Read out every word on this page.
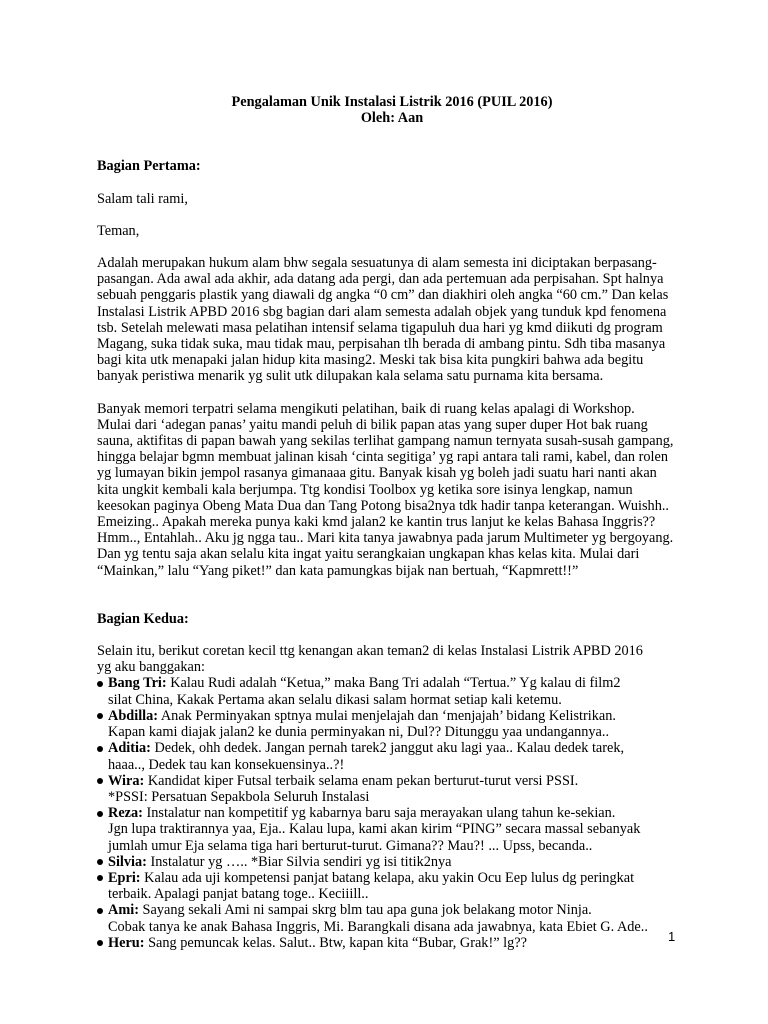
Pengalaman Unik Instalasi Listrik 2016 (PUIL 2016)

Oleh: Aan

Bagian Pertama:

Salam tali rami,

Teman,

Adalah merupakan hukum alam bhw segala sesuatunya di alam semesta ini diciptakan berpasang-
pasangan. Ada awal ada akhir, ada datang ada pergi, dan ada pertemuan ada perpisahan. Spt halnya
sebuah penggaris plastik yang diawali dg angka “0 cm” dan diakhiri oleh angka “60 cm.” Dan kelas
Instalasi Listrik APBD 2016 sbg bagian dari alam semesta adalah objek yang tunduk kpd fenomena
tsb. Setelah melewati masa pelatihan intensif selama tigapuluh dua hari yg kmd diikuti dg program
Magang, suka tidak suka, mau tidak mau, perpisahan tlh berada di ambang pintu. Sdh tiba masanya
bagi kita utk menapaki jalan hidup kita masing2. Meski tak bisa kita pungkiri bahwa ada begitu
banyak peristiwa menarik yg sulit utk dilupakan kala selama satu purnama kita bersama.

Banyak memori terpatri selama mengikuti pelatihan, baik di ruang kelas apalagi di Workshop.
Mulai dari ‘adegan panas’ yaitu mandi peluh di bilik papan atas yang super duper Hot bak ruang
sauna, aktifitas di papan bawah yang sekilas terlihat gampang namun ternyata susah-susah gampang,
hingga belajar bgmn membuat jalinan kisah ‘cinta segitiga’ yg rapi antara tali rami, kabel, dan rolen
yg lumayan bikin jempol rasanya gimanaaa gitu. Banyak kisah yg boleh jadi suatu hari nanti akan
kita ungkit kembali kala berjumpa. Ttg kondisi Toolbox yg ketika sore isinya lengkap, namun
keesokan paginya Obeng Mata Dua dan Tang Potong bisa2nya tdk hadir tanpa keterangan. Wuishh..
Emeizing.. Apakah mereka punya kaki kmd jalan2 ke kantin trus lanjut ke kelas Bahasa Inggris??
Hmm.., Entahlah.. Aku jg ngga tau.. Mari kita tanya jawabnya pada jarum Multimeter yg bergoyang.
Dan yg tentu saja akan selalu kita ingat yaitu serangkaian ungkapan khas kelas kita. Mulai dari
“Mainkan,” lalu “Yang piket!” dan kata pamungkas bijak nan bertuah, “Kapmrett!!”

Bagian Kedua:

Selain itu, berikut coretan kecil ttg kenangan akan teman2 di kelas Instalasi Listrik APBD 2016
yg aku banggakan:

Bang Tri: Kalau Rudi adalah “Ketua,” maka Bang Tri adalah “Tertua.” Yg kalau di film2
silat China, Kakak Pertama akan selalu dikasi salam hormat setiap kali ketemu.
Abdilla: Anak Perminyakan sptnya mulai menjelajah dan ‘menjajah’ bidang Kelistrikan.
Kapan kami diajak jalan2 ke dunia perminyakan ni, Dul?? Ditunggu yaa undangannya..
Aditia: Dedek, ohh dedek. Jangan pernah tarek2 janggut aku lagi yaa.. Kalau dedek tarek,
haaa.., Dedek tau kan konsekuensinya..?!
Wira: Kandidat kiper Futsal terbaik selama enam pekan berturut-turut versi PSSI.
*PSSI: Persatuan Sepakbola Seluruh Instalasi
Reza: Instalatur nan kompetitif yg kabarnya baru saja merayakan ulang tahun ke-sekian.
Jgn lupa traktirannya yaa, Eja.. Kalau lupa, kami akan kirim “PING” secara massal sebanyak
jumlah umur Eja selama tiga hari berturut-turut. Gimana?? Mau?! ... Upss, becanda..
Silvia: Instalatur yg ….. *Biar Silvia sendiri yg isi titik2nya
Epri: Kalau ada uji kompetensi panjat batang kelapa, aku yakin Ocu Eep lulus dg peringkat
terbaik. Apalagi panjat batang toge.. Keciiill..
Ami: Sayang sekali Ami ni sampai skrg blm tau apa guna jok belakang motor Ninja.
Cobak tanya ke anak Bahasa Inggris, Mi. Barangkali disana ada jawabnya, kata Ebiet G. Ade..
Heru: Sang pemuncak kelas. Salut.. Btw, kapan kita “Bubar, Grak!” lg??	1
